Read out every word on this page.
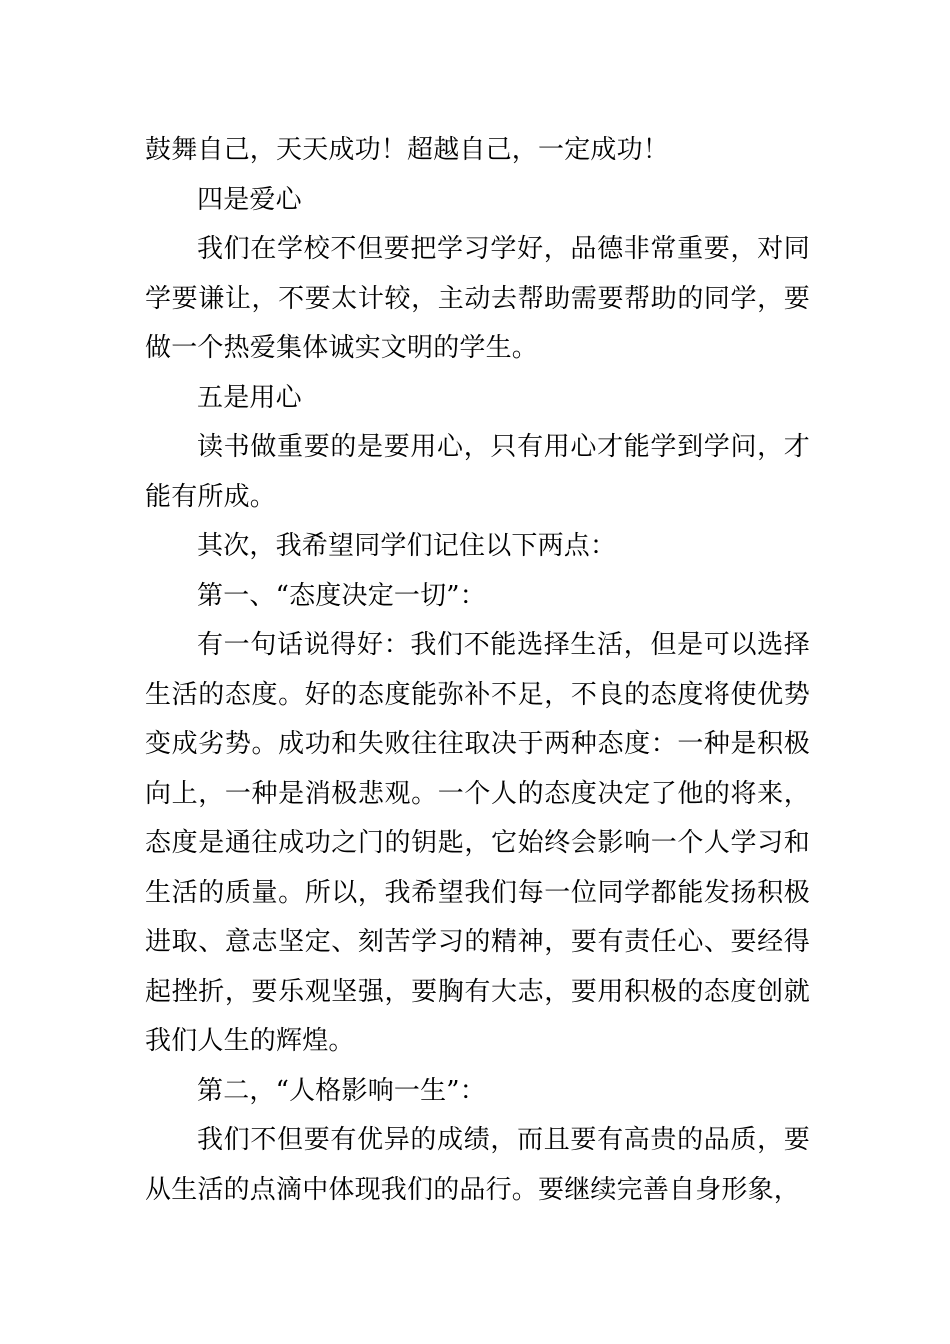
鼓舞自己，天天成功！超越自己，一定成功！

四是爱心

我们在学校不但要把学习学好，品德非常重要，对同学要谦让，不要太计较，主动去帮助需要帮助的同学，要做一个热爱集体诚实文明的学生。

五是用心

读书做重要的是要用心，只有用心才能学到学问，才能有所成。

其次，我希望同学们记住以下两点：

第一、“态度决定一切”：

有一句话说得好：我们不能选择生活，但是可以选择生活的态度。好的态度能弥补不足，不良的态度将使优势变成劣势。成功和失败往往取决于两种态度：一种是积极向上，一种是消极悲观。一个人的态度决定了他的将来，态度是通往成功之门的钥匙，它始终会影响一个人学习和生活的质量。所以，我希望我们每一位同学都能发扬积极进取、意志坚定、刻苦学习的精神，要有责任心、要经得起挫折，要乐观坚强，要胸有大志，要用积极的态度创就我们人生的辉煌。

第二，“人格影响一生”：

我们不但要有优异的成绩，而且要有高贵的品质，要从生活的点滴中体现我们的品行。要继续完善自身形象，
